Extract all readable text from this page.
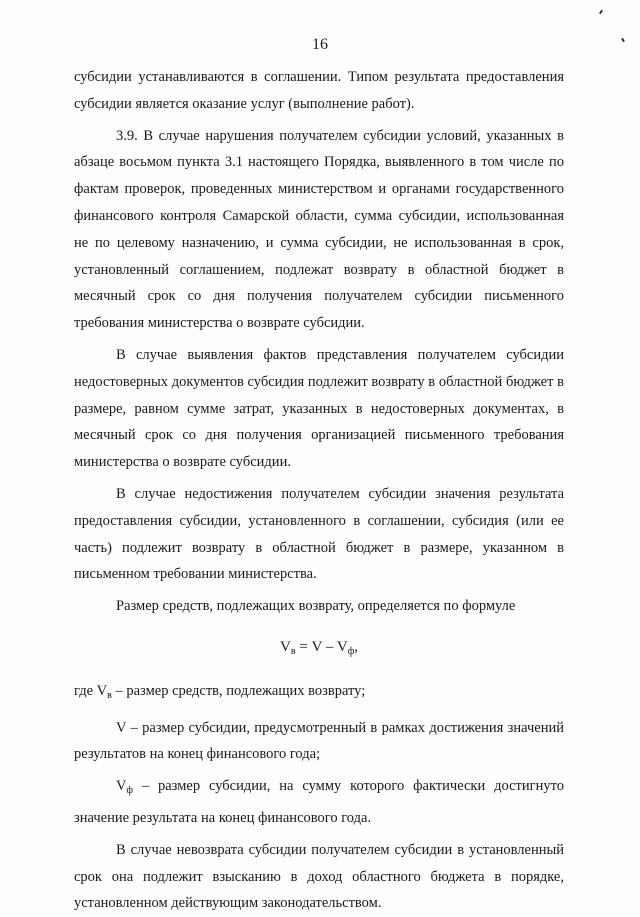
16

субсидии устанавливаются в соглашении. Типом результата предоставления субсидии является оказание услуг (выполнение работ).

3.9. В случае нарушения получателем субсидии условий, указанных в абзаце восьмом пункта 3.1 настоящего Порядка, выявленного в том числе по фактам проверок, проведенных министерством и органами государственного финансового контроля Самарской области, сумма субсидии, использованная не по целевому назначению, и сумма субсидии, не использованная в срок, установленный соглашением, подлежат возврату в областной бюджет в месячный срок со дня получения получателем субсидии письменного требования министерства о возврате субсидии.

В случае выявления фактов представления получателем субсидии недостоверных документов субсидия подлежит возврату в областной бюджет в размере, равном сумме затрат, указанных в недостоверных документах, в месячный срок со дня получения организацией письменного требования министерства о возврате субсидии.

В случае недостижения получателем субсидии значения результата предоставления субсидии, установленного в соглашении, субсидия (или ее часть) подлежит возврату в областной бюджет в размере, указанном в письменном требовании министерства.

Размер средств, подлежащих возврату, определяется по формуле

$V_в = V - V_ф$,

где $V_в$ – размер средств, подлежащих возврату;

V – размер субсидии, предусмотренный в рамках достижения значений результатов на конец финансового года;

$V_ф$ – размер субсидии, на сумму которого фактически достигнуто значение результата на конец финансового года.

В случае невозврата субсидии получателем субсидии в установленный срок она подлежит взысканию в доход областного бюджета в порядке, установленном действующим законодательством.
